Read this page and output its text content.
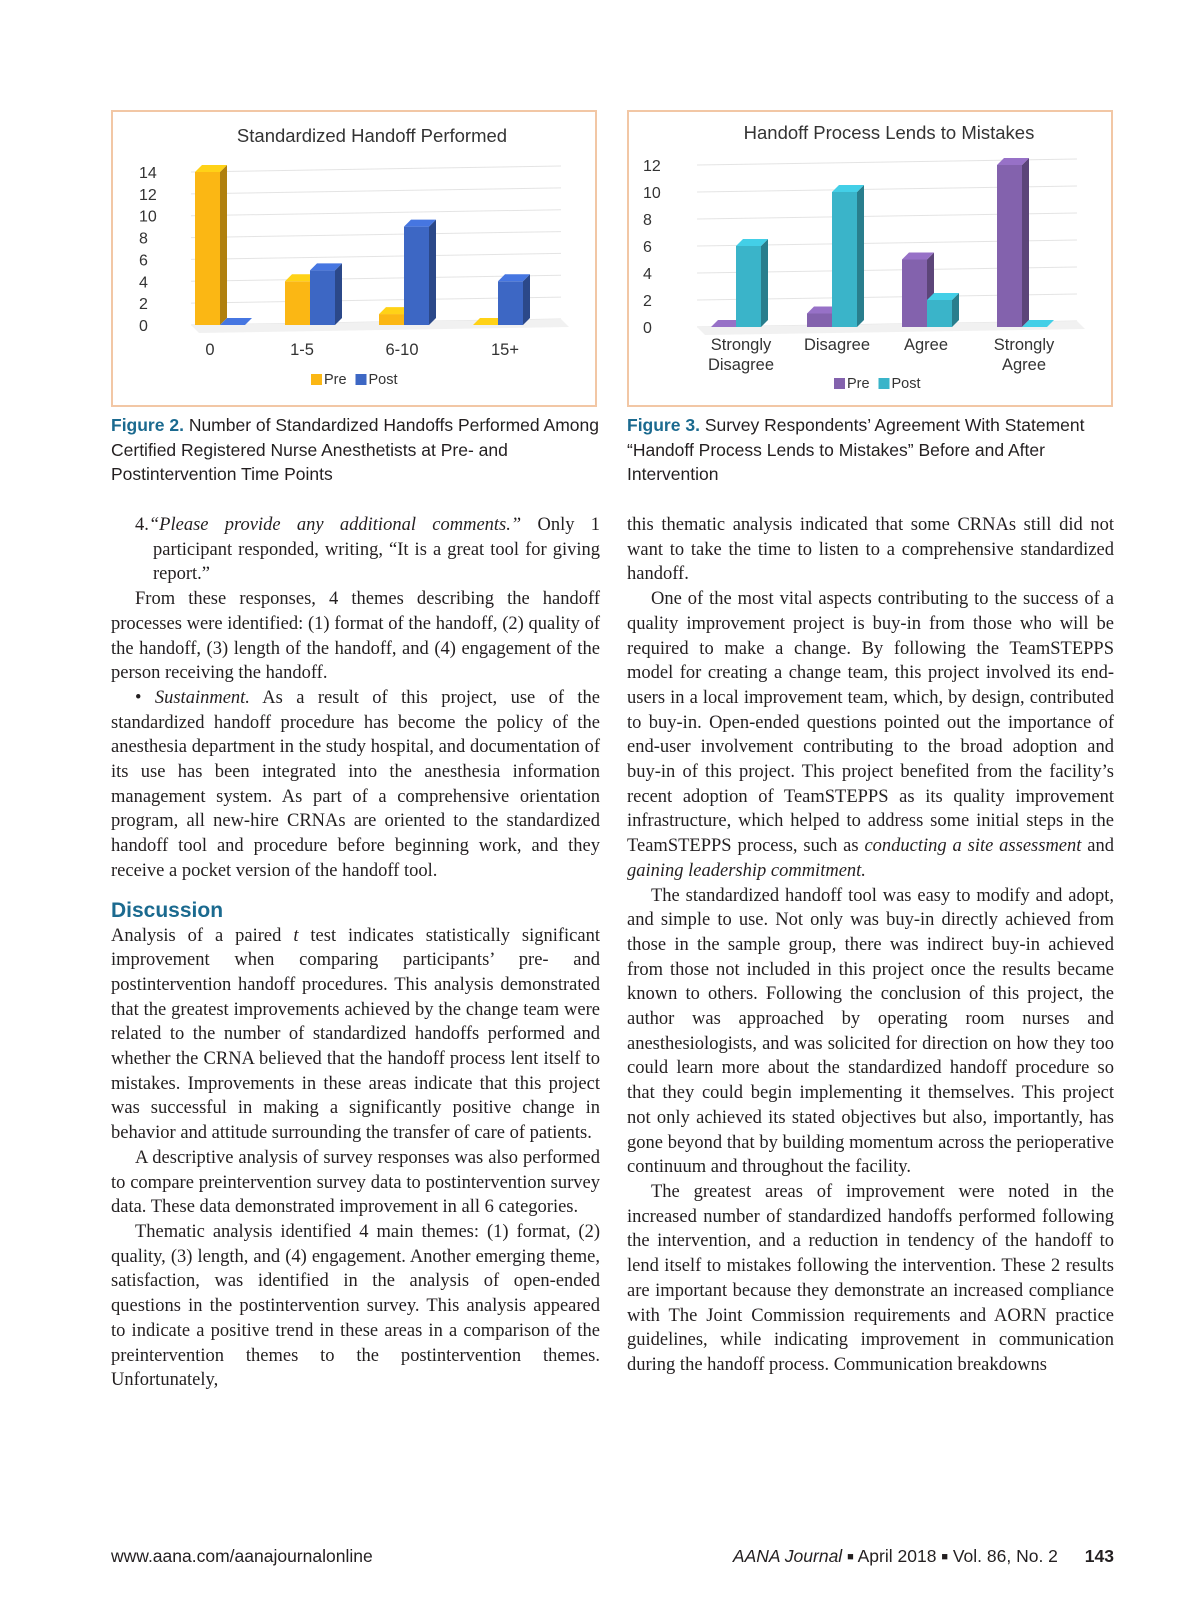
Standardized Handoff Performed
0
2
4
6
8
10
12
14
0	1-5	6-10	15+
Pre Post
Handoff Process Lends to Mistakes
0
2
4
6
8
10
12
Strongly
Disagree
Disagree Agree	Strongly
Agree
Pre Post
Figure 2. Number of Standardized Handoffs Performed Among Certified Registered Nurse Anesthetists at Pre- and Postintervention Time Points
Figure 3. Survey Respondents’ Agreement With Statement “Handoff Process Lends to Mistakes” Before and After Intervention

4.“Please provide any additional comments.” Only 1 participant responded, writing, “It is a great tool for giving report.”

From these responses, 4 themes describing the handoff processes were identified: (1) format of the handoff, (2) quality of the handoff, (3) length of the handoff, and (4) engagement of the person receiving the handoff.

• Sustainment. As a result of this project, use of the standardized handoff procedure has become the policy of the anesthesia department in the study hospital, and documentation of its use has been integrated into the anesthesia information management system. As part of a comprehensive orientation program, all new-hire CRNAs are oriented to the standardized handoff tool and procedure before beginning work, and they receive a pocket version of the handoff tool.

Discussion

Analysis of a paired t test indicates statistically significant improvement when comparing participants’ pre- and postintervention handoff procedures. This analysis demonstrated that the greatest improvements achieved by the change team were related to the number of standardized handoffs performed and whether the CRNA believed that the handoff process lent itself to mistakes. Improvements in these areas indicate that this project was successful in making a significantly positive change in behavior and attitude surrounding the transfer of care of patients.

A descriptive analysis of survey responses was also performed to compare preintervention survey data to postintervention survey data. These data demonstrated improvement in all 6 categories.

Thematic analysis identified 4 main themes: (1) format, (2) quality, (3) length, and (4) engagement. Another emerging theme, satisfaction, was identified in the analysis of open-ended questions in the postintervention survey. This analysis appeared to indicate a positive trend in these areas in a comparison of the preintervention themes to the postintervention themes. Unfortunately,

this thematic analysis indicated that some CRNAs still did not want to take the time to listen to a comprehensive standardized handoff.

One of the most vital aspects contributing to the success of a quality improvement project is buy-in from those who will be required to make a change. By following the TeamSTEPPS model for creating a change team, this project involved its end-users in a local improvement team, which, by design, contributed to buy-in. Open-ended questions pointed out the importance of end-user involvement contributing to the broad adoption and buy-in of this project. This project benefited from the facility’s recent adoption of TeamSTEPPS as its quality improvement infrastructure, which helped to address some initial steps in the TeamSTEPPS process, such as conducting a site assessment and gaining leadership commitment.

The standardized handoff tool was easy to modify and adopt, and simple to use. Not only was buy-in directly achieved from those in the sample group, there was indirect buy-in achieved from those not included in this project once the results became known to others. Following the conclusion of this project, the author was approached by operating room nurses and anesthesiologists, and was solicited for direction on how they too could learn more about the standardized handoff procedure so that they could begin implementing it themselves. This project not only achieved its stated objectives but also, importantly, has gone beyond that by building momentum across the perioperative continuum and throughout the facility.

The greatest areas of improvement were noted in the increased number of standardized handoffs performed following the intervention, and a reduction in tendency of the handoff to lend itself to mistakes following the intervention. These 2 results are important because they demonstrate an increased compliance with The Joint Commission requirements and AORN practice guidelines, while indicating improvement in communication during the handoff process. Communication breakdowns

www.aana.com/aanajournalonline	AANA Journal ■ April 2018 ■ Vol. 86, No. 2 143
